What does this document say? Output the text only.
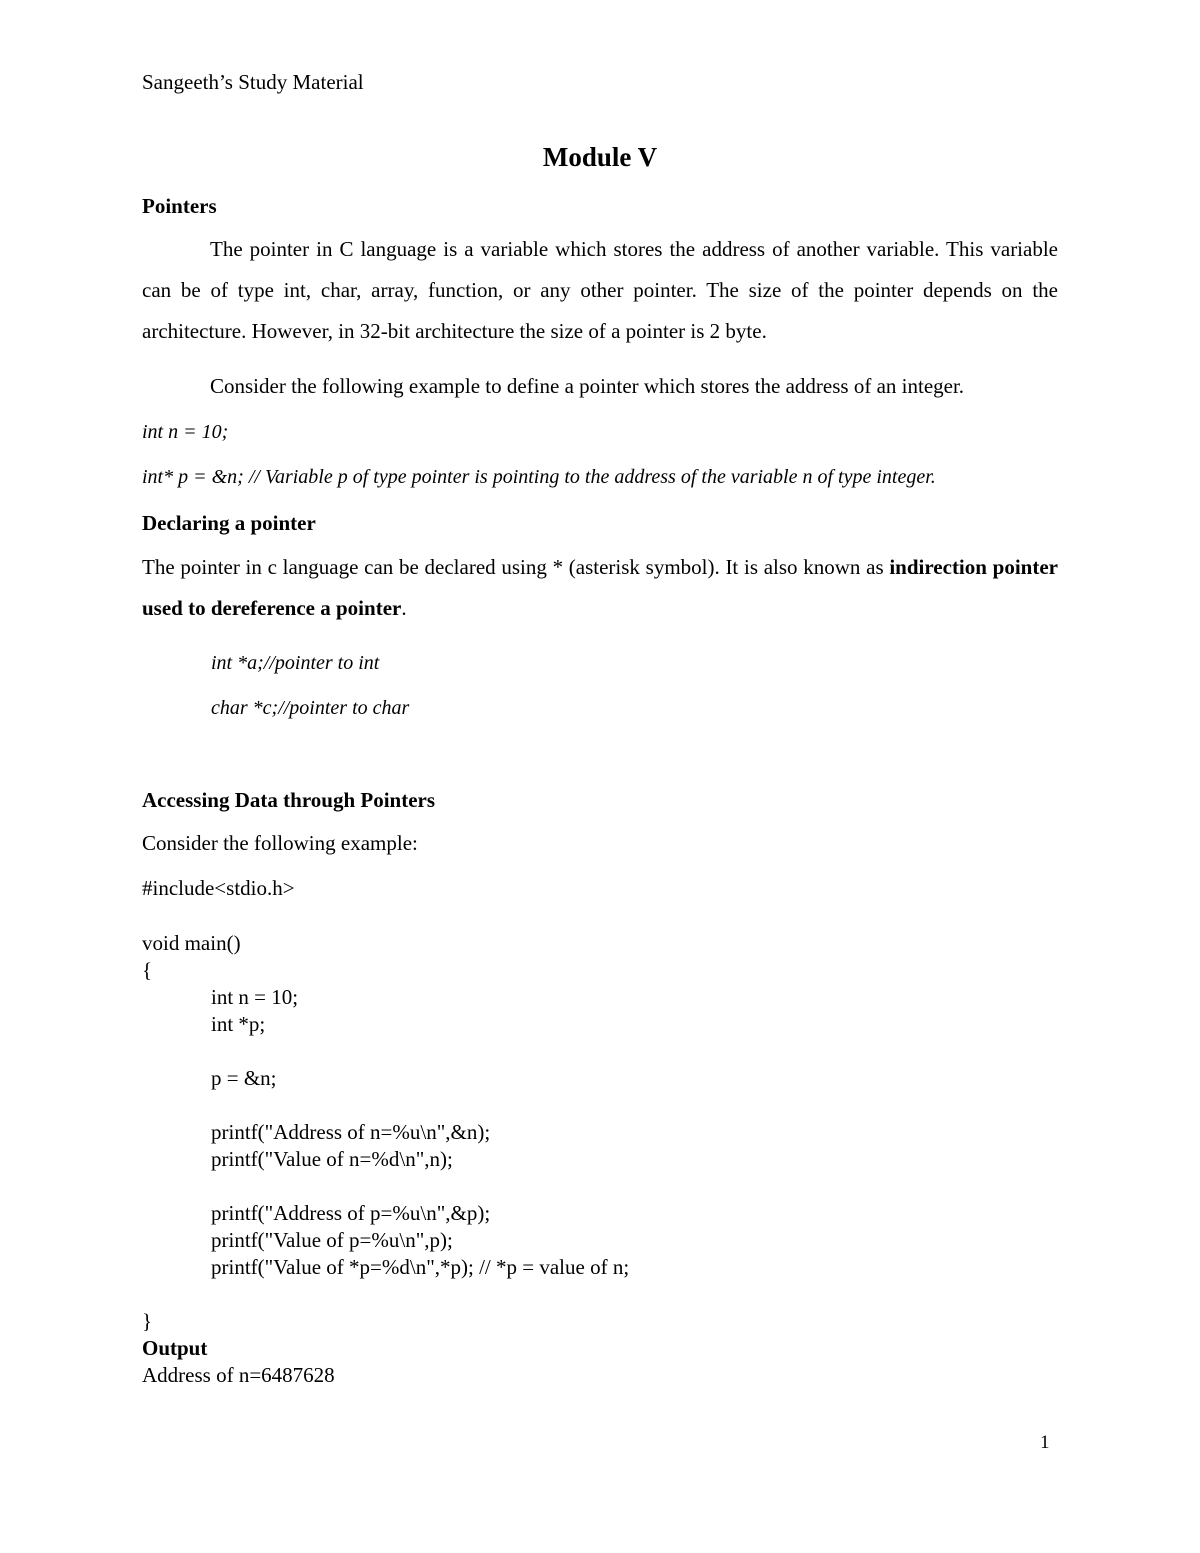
Sangeeth’s Study Material
Module V
Pointers
The pointer in C language is a variable which stores the address of another variable. This variable can be of type int, char, array, function, or any other pointer. The size of the pointer depends on the architecture. However, in 32-bit architecture the size of a pointer is 2 byte.
Consider the following example to define a pointer which stores the address of an integer.
int n = 10;
int* p = &n; // Variable p of type pointer is pointing to the address of the variable n of type integer.
Declaring a pointer
The pointer in c language can be declared using * (asterisk symbol). It is also known as indirection pointer used to dereference a pointer.
int *a;//pointer to int
char *c;//pointer to char
Accessing Data through Pointers
Consider the following example:
#include<stdio.h>
void main()
{
int n = 10;
int *p;
p = &n;
printf("Address of n=%u\n",&n);
printf("Value of n=%d\n",n);
printf("Address of p=%u\n",&p);
printf("Value of p=%u\n",p);
printf("Value of *p=%d\n",*p); // *p = value of n;
}
Output
Address of n=6487628
1
